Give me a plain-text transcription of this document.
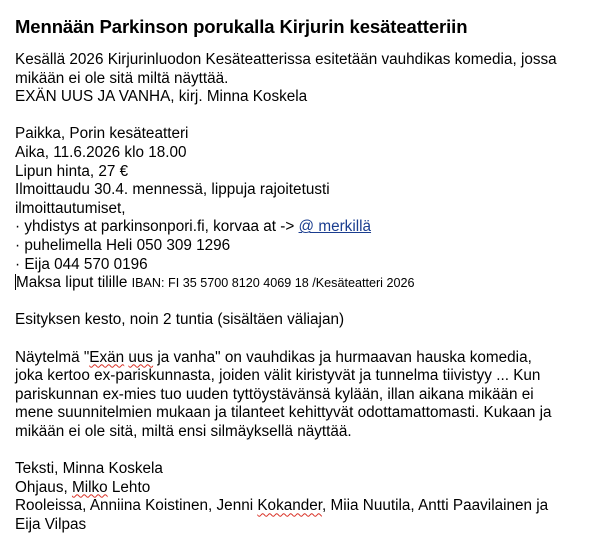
Mennään Parkinson porukalla Kirjurin kesäteatteriin
Kesällä 2026 Kirjurinluodon Kesäteatterissa esitetään vauhdikas komedia, jossa
mikään ei ole sitä miltä näyttää.
EXÄN UUS JA VANHA, kirj. Minna Koskela
Paikka, Porin kesäteatteri
Aika, 11.6.2026 klo 18.00
Lipun hinta, 27 €
Ilmoittaudu 30.4. mennessä, lippuja rajoitetusti
ilmoittautumiset,
· yhdistys at parkinsonpori.fi, korvaa at -> @ merkillä
· puhelimella Heli 050 309 1296
· Eija 044 570 0196
Maksa liput tilille IBAN: FI 35 5700 8120 4069 18 /Kesäteatteri 2026
Esityksen kesto, noin 2 tuntia (sisältäen väliajan)
Näytelmä "Exän uus ja vanha" on vauhdikas ja hurmaavan hauska komedia,
joka kertoo ex-pariskunnasta, joiden välit kiristyvät ja tunnelma tiivistyy ... Kun
pariskunnan ex-mies tuo uuden tyttöystävänsä kylään, illan aikana mikään ei
mene suunnitelmien mukaan ja tilanteet kehittyvät odottamattomasti. Kukaan ja
mikään ei ole sitä, miltä ensi silmäyksellä näyttää.
Teksti, Minna Koskela
Ohjaus, Milko Lehto
Rooleissa, Anniina Koistinen, Jenni Kokander, Miia Nuutila, Antti Paavilainen ja
Eija Vilpas
